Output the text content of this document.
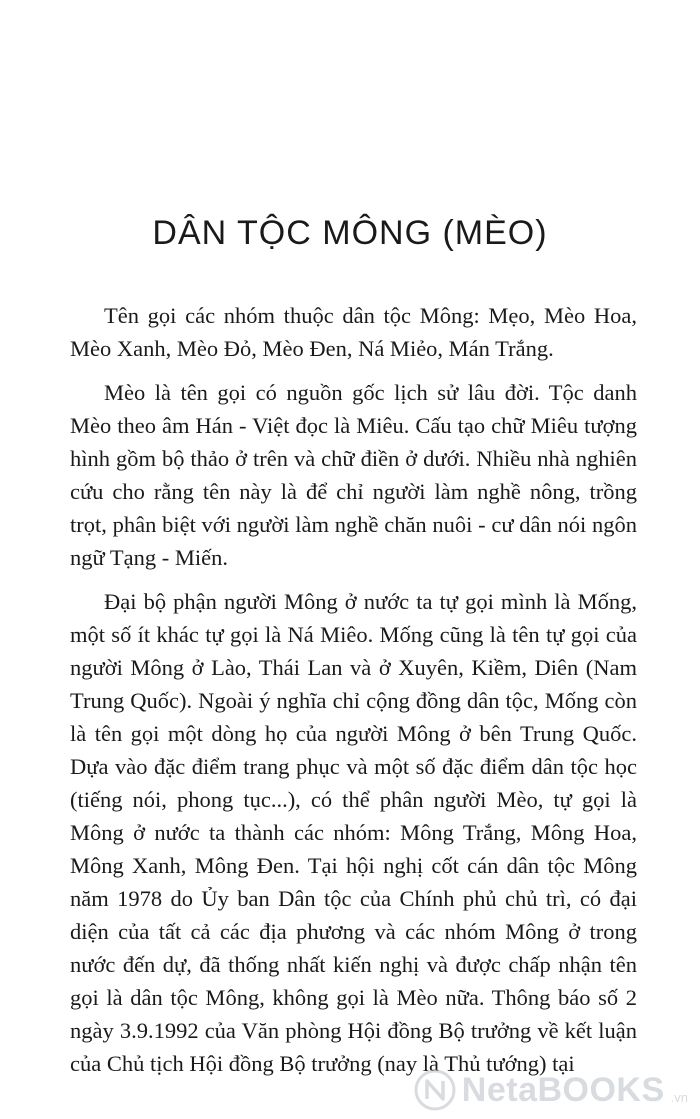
DÂN TỘC MÔNG (MÈO)

Tên gọi các nhóm thuộc dân tộc Mông: Mẹo, Mèo Hoa, Mèo Xanh, Mèo Đỏ, Mèo Đen, Ná Miẻo, Mán Trắng.

Mèo là tên gọi có nguồn gốc lịch sử lâu đời. Tộc danh Mèo theo âm Hán - Việt đọc là Miêu. Cấu tạo chữ Miêu tượng hình gồm bộ thảo ở trên và chữ điền ở dưới. Nhiều nhà nghiên cứu cho rằng tên này là để chỉ người làm nghề nông, trồng trọt, phân biệt với người làm nghề chăn nuôi - cư dân nói ngôn ngữ Tạng - Miến.

Đại bộ phận người Mông ở nước ta tự gọi mình là Mống, một số ít khác tự gọi là Ná Miêo. Mống cũng là tên tự gọi của người Mông ở Lào, Thái Lan và ở Xuyên, Kiềm, Diên (Nam Trung Quốc). Ngoài ý nghĩa chỉ cộng đồng dân tộc, Mống còn là tên gọi một dòng họ của người Mông ở bên Trung Quốc. Dựa vào đặc điểm trang phục và một số đặc điểm dân tộc học (tiếng nói, phong tục...), có thể phân người Mèo, tự gọi là Mông ở nước ta thành các nhóm: Mông Trắng, Mông Hoa, Mông Xanh, Mông Đen. Tại hội nghị cốt cán dân tộc Mông năm 1978 do Ủy ban Dân tộc của Chính phủ chủ trì, có đại diện của tất cả các địa phương và các nhóm Mông ở trong nước đến dự, đã thống nhất kiến nghị và được chấp nhận tên gọi là dân tộc Mông, không gọi là Mèo nữa. Thông báo số 2 ngày 3.9.1992 của Văn phòng Hội đồng Bộ trưởng về kết luận của Chủ tịch Hội đồng Bộ trưởng (nay là Thủ tướng) tại

NetaBOOKS .vn
